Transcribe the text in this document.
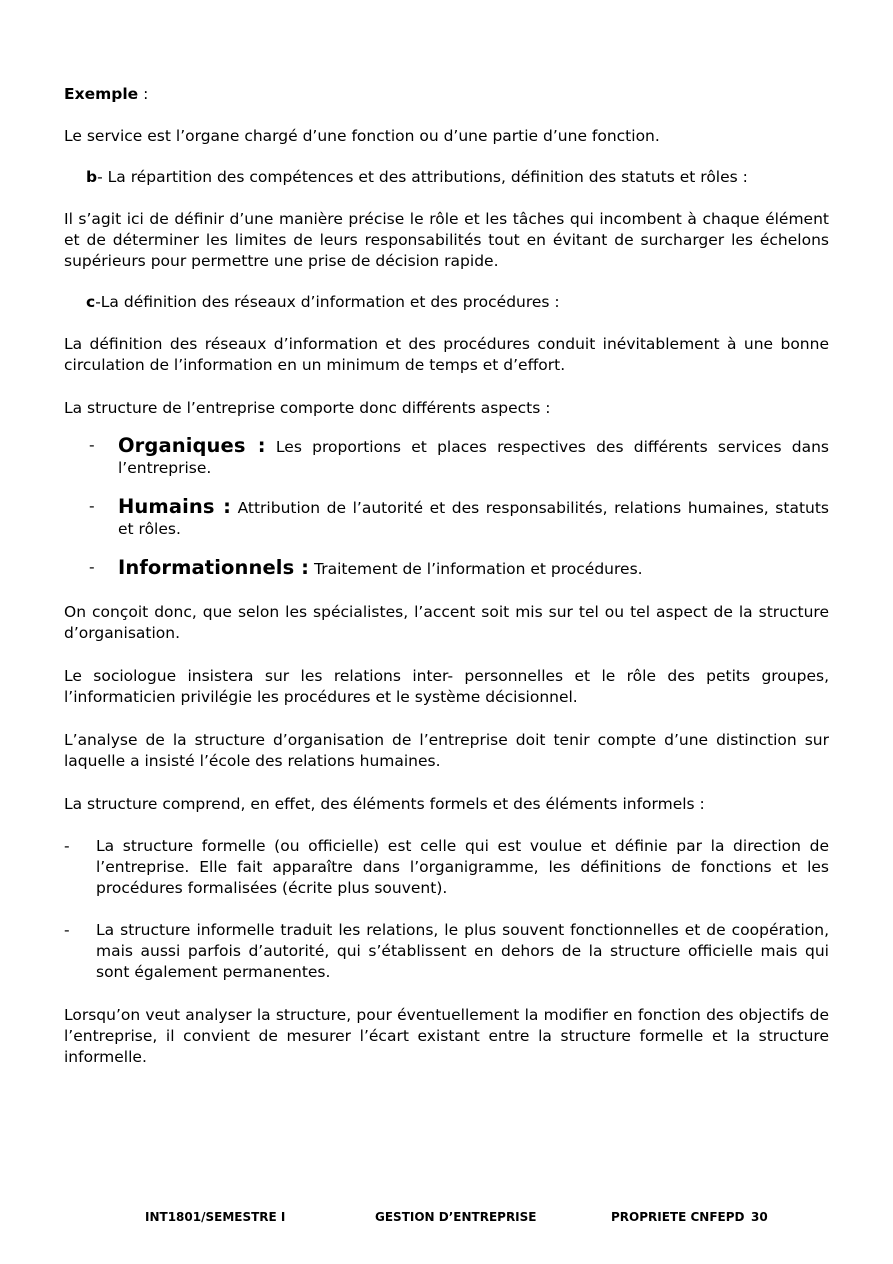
Exemple :

Le service est l’organe chargé d’une fonction ou d’une partie d’une fonction.

b- La répartition des compétences et des attributions, définition des statuts et rôles :

Il s’agit ici de définir d’une manière précise le rôle et les tâches qui incombent à chaque élément et de déterminer les limites de leurs responsabilités tout en évitant de surcharger les échelons supérieurs pour permettre une prise de décision rapide.

c-La définition des réseaux d’information et des procédures :

La définition des réseaux d’information et des procédures conduit inévitablement à une bonne circulation de l’information en un minimum de temps et d’effort.

La structure de l’entreprise comporte donc différents aspects :

- Organiques : Les proportions et places respectives des différents services dans l’entreprise.

- Humains : Attribution de l’autorité et des responsabilités, relations humaines, statuts et rôles.

- Informationnels : Traitement de l’information et procédures.

On conçoit donc, que selon les spécialistes, l’accent soit mis sur tel ou tel aspect de la structure d’organisation.

Le sociologue insistera sur les relations inter- personnelles et le rôle des petits groupes, l’informaticien privilégie les procédures et le système décisionnel.

L’analyse de la structure d’organisation de l’entreprise doit tenir compte d’une distinction sur laquelle a insisté l’école des relations humaines.

La structure comprend, en effet, des éléments formels et des éléments informels :

- La structure formelle (ou officielle) est celle qui est voulue et définie par la direction de l’entreprise. Elle fait apparaître dans l’organigramme, les définitions de fonctions et les procédures formalisées (écrite plus souvent).

- La structure informelle traduit les relations, le plus souvent fonctionnelles et de coopération, mais aussi parfois d’autorité, qui s’établissent en dehors de la structure officielle mais qui sont également permanentes.

Lorsqu’on veut analyser la structure, pour éventuellement la modifier en fonction des objectifs de l’entreprise, il convient de mesurer l’écart existant entre la structure formelle et la structure informelle.

INT1801/SEMESTRE I	GESTION D’ENTREPRISE	PROPRIETE CNFEPD 30
